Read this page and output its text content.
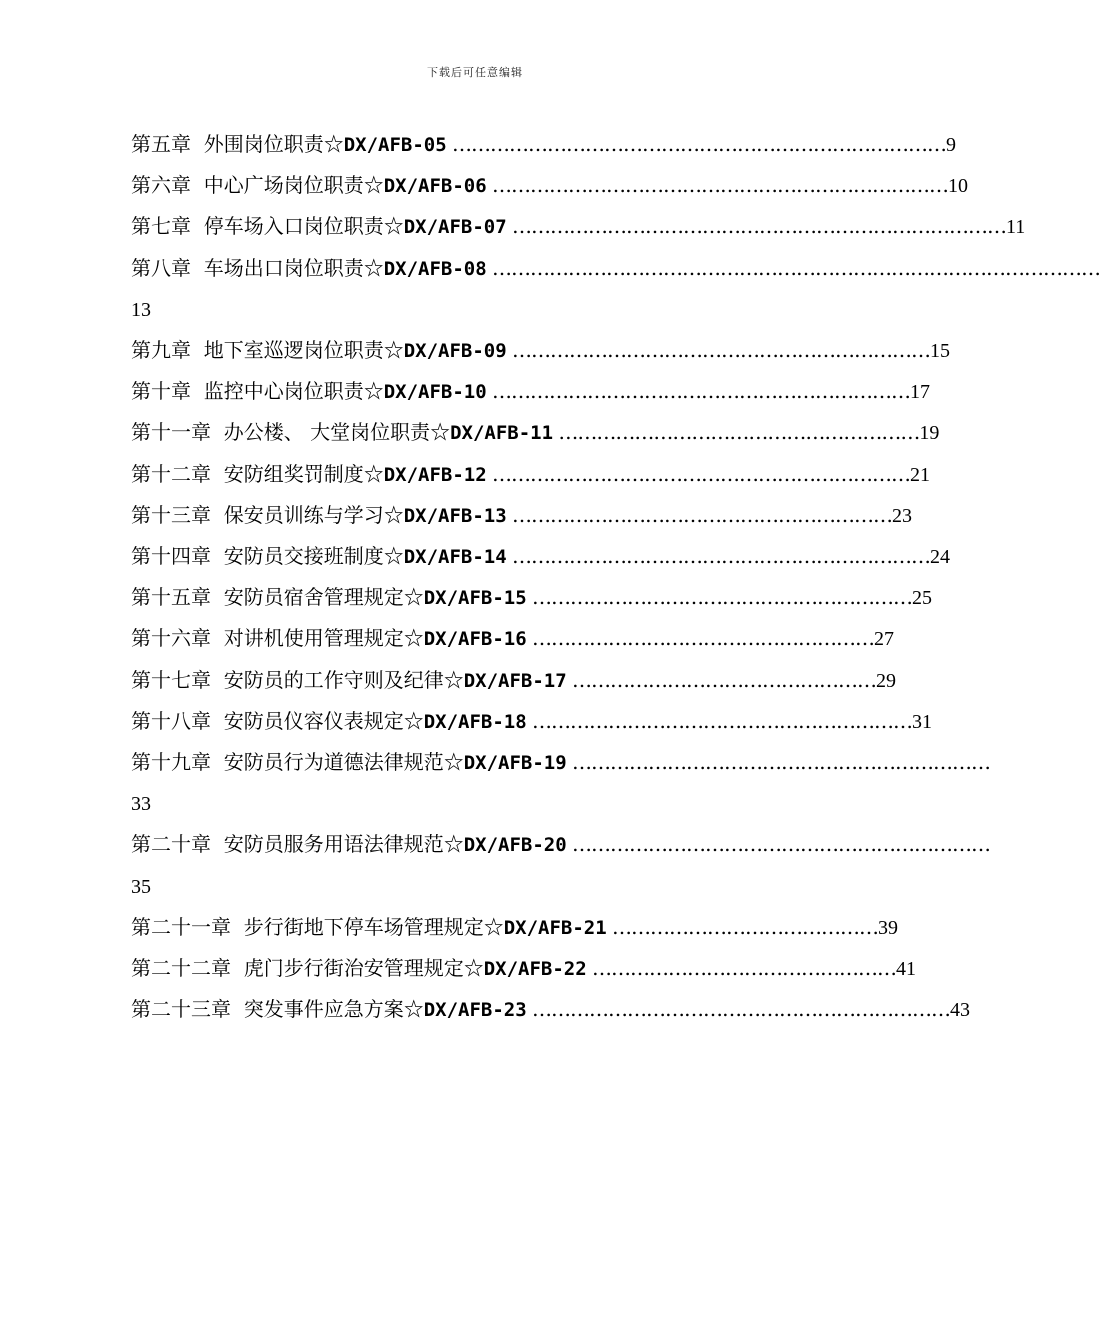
下载后可任意编辑
第五章 外围岗位职责☆DX/AFB-05 ……………………………………………………………………9
第六章 中心广场岗位职责☆DX/AFB-06 ………………………………………………………………10
第七章 停车场入口岗位职责☆DX/AFB-07 ……………………………………………………………………11
第八章 车场出口岗位职责☆DX/AFB-08 ……………………………………………………………………………………
13
第九章 地下室巡逻岗位职责☆DX/AFB-09 …………………………………………………………15
第十章 监控中心岗位职责☆DX/AFB-10 …………………………………………………………17
第十一章 办公楼、 大堂岗位职责☆DX/AFB-11 …………………………………………………19
第十二章 安防组奖罚制度☆DX/AFB-12 …………………………………………………………21
第十三章 保安员训练与学习☆DX/AFB-13 ……………………………………………………23
第十四章 安防员交接班制度☆DX/AFB-14 …………………………………………………………24
第十五章 安防员宿舍管理规定☆DX/AFB-15 ……………………………………………………25
第十六章 对讲机使用管理规定☆DX/AFB-16 ………………………………………………27
第十七章 安防员的工作守则及纪律☆DX/AFB-17 …………………………………………29
第十八章 安防员仪容仪表规定☆DX/AFB-18 ……………………………………………………31
第十九章 安防员行为道德法律规范☆DX/AFB-19 …………………………………………………………
33
第二十章 安防员服务用语法律规范☆DX/AFB-20 …………………………………………………………
35
第二十一章 步行街地下停车场管理规定☆DX/AFB-21 ……………………………………39
第二十二章 虎门步行街治安管理规定☆DX/AFB-22 …………………………………………41
第二十三章 突发事件应急方案☆DX/AFB-23 …………………………………………………………43
